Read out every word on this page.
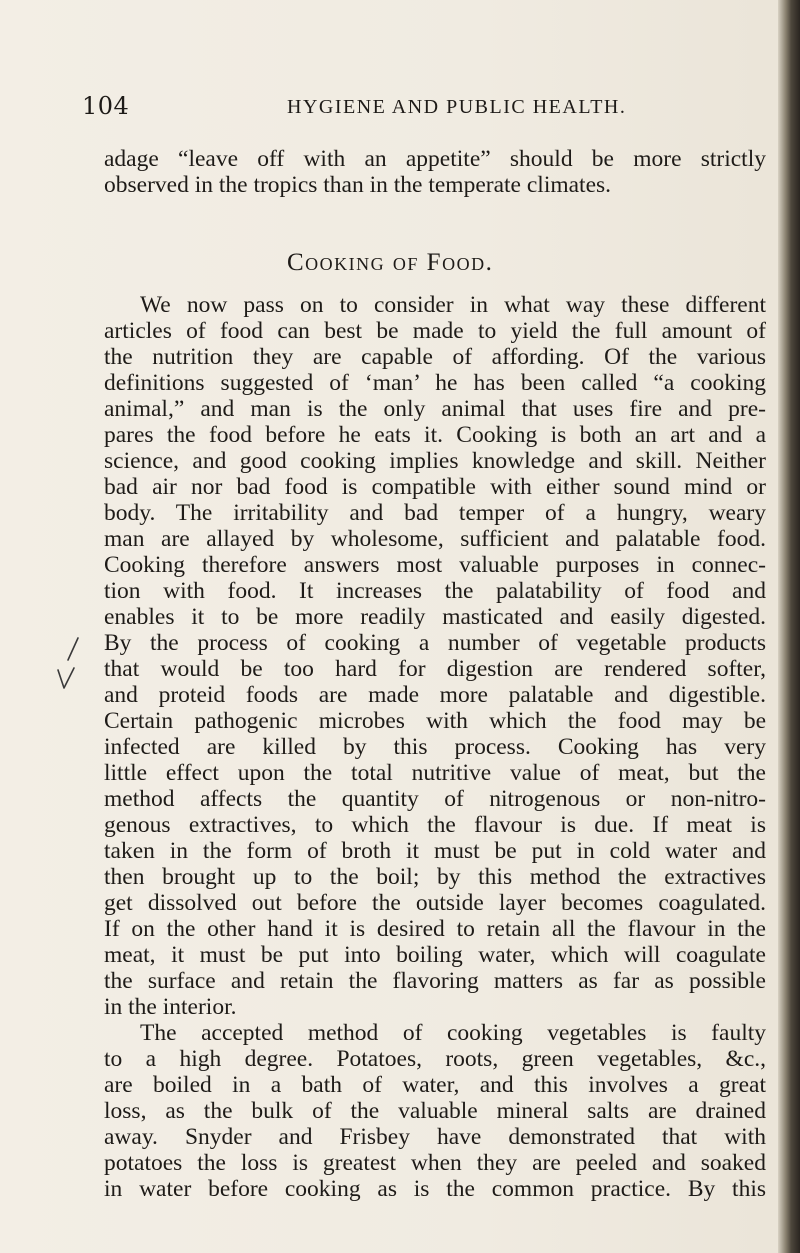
104	HYGIENE AND PUBLIC HEALTH.
adage “leave off with an appetite” should be more strictly
observed in the tropics than in the temperate climates.
Cooking of Food.
We now pass on to consider in what way these different
articles of food can best be made to yield the full amount of
the nutrition they are capable of affording. Of the various
definitions suggested of ‘man’ he has been called “a cooking
animal,” and man is the only animal that uses fire and pre-
pares the food before he eats it. Cooking is both an art and a
science, and good cooking implies knowledge and skill. Neither
bad air nor bad food is compatible with either sound mind or
body. The irritability and bad temper of a hungry, weary
man are allayed by wholesome, sufficient and palatable food.
Cooking therefore answers most valuable purposes in connec-
tion with food. It increases the palatability of food and
enables it to be more readily masticated and easily digested.
By the process of cooking a number of vegetable products
that would be too hard for digestion are rendered softer,
and proteid foods are made more palatable and digestible.
Certain pathogenic microbes with which the food may be
infected are killed by this process. Cooking has very
little effect upon the total nutritive value of meat, but the
method affects the quantity of nitrogenous or non-nitro-
genous extractives, to which the flavour is due. If meat is
taken in the form of broth it must be put in cold water and
then brought up to the boil; by this method the extractives
get dissolved out before the outside layer becomes coagulated.
If on the other hand it is desired to retain all the flavour in the
meat, it must be put into boiling water, which will coagulate
the surface and retain the flavoring matters as far as possible
in the interior.
The accepted method of cooking vegetables is faulty
to a high degree. Potatoes, roots, green vegetables, &c.,
are boiled in a bath of water, and this involves a great
loss, as the bulk of the valuable mineral salts are drained
away. Snyder and Frisbey have demonstrated that with
potatoes the loss is greatest when they are peeled and soaked
in water before cooking as is the common practice. By this
